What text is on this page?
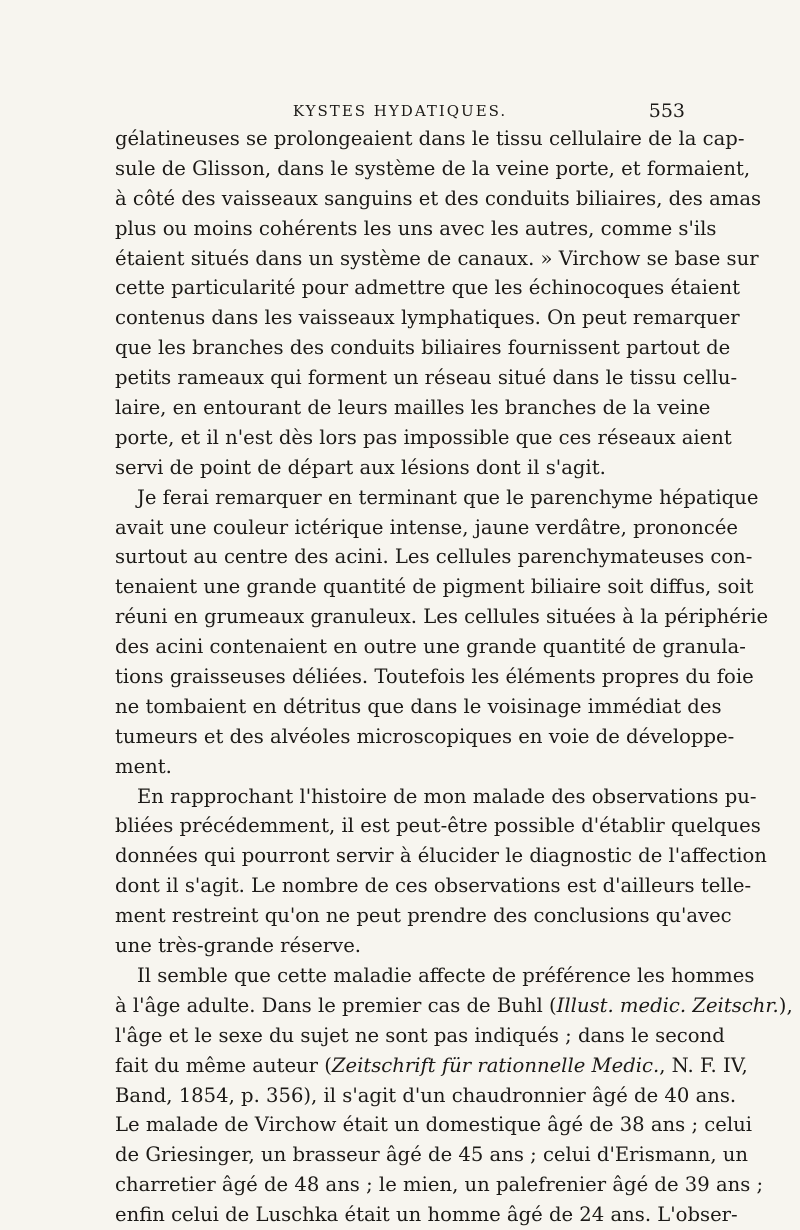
KYSTES HYDATIQUES.	553
gélatineuses se prolongeaient dans le tissu cellulaire de la cap-
sule de Glisson, dans le système de la veine porte, et formaient,
à côté des vaisseaux sanguins et des conduits biliaires, des amas
plus ou moins cohérents les uns avec les autres, comme s'ils
étaient situés dans un système de canaux. » Virchow se base sur
cette particularité pour admettre que les échinocoques étaient
contenus dans les vaisseaux lymphatiques. On peut remarquer
que les branches des conduits biliaires fournissent partout de
petits rameaux qui forment un réseau situé dans le tissu cellu-
laire, en entourant de leurs mailles les branches de la veine
porte, et il n'est dès lors pas impossible que ces réseaux aient
servi de point de départ aux lésions dont il s'agit.
Je ferai remarquer en terminant que le parenchyme hépatique
avait une couleur ictérique intense, jaune verdâtre, prononcée
surtout au centre des acini. Les cellules parenchymateuses con-
tenaient une grande quantité de pigment biliaire soit diffus, soit
réuni en grumeaux granuleux. Les cellules situées à la périphérie
des acini contenaient en outre une grande quantité de granula-
tions graisseuses déliées. Toutefois les éléments propres du foie
ne tombaient en détritus que dans le voisinage immédiat des
tumeurs et des alvéoles microscopiques en voie de développe-
ment.
En rapprochant l'histoire de mon malade des observations pu-
bliées précédemment, il est peut-être possible d'établir quelques
données qui pourront servir à élucider le diagnostic de l'affection
dont il s'agit. Le nombre de ces observations est d'ailleurs telle-
ment restreint qu'on ne peut prendre des conclusions qu'avec
une très-grande réserve.
Il semble que cette maladie affecte de préférence les hommes
à l'âge adulte. Dans le premier cas de Buhl (Illust. medic. Zeitschr.),
l'âge et le sexe du sujet ne sont pas indiqués ; dans le second
fait du même auteur (Zeitschrift für rationnelle Medic., N. F. IV,
Band, 1854, p. 356), il s'agit d'un chaudronnier âgé de 40 ans.
Le malade de Virchow était un domestique âgé de 38 ans ; celui
de Griesinger, un brasseur âgé de 45 ans ; celui d'Erismann, un
charretier âgé de 48 ans ; le mien, un palefrenier âgé de 39 ans ;
enfin celui de Luschka était un homme âgé de 24 ans. L'obser-
